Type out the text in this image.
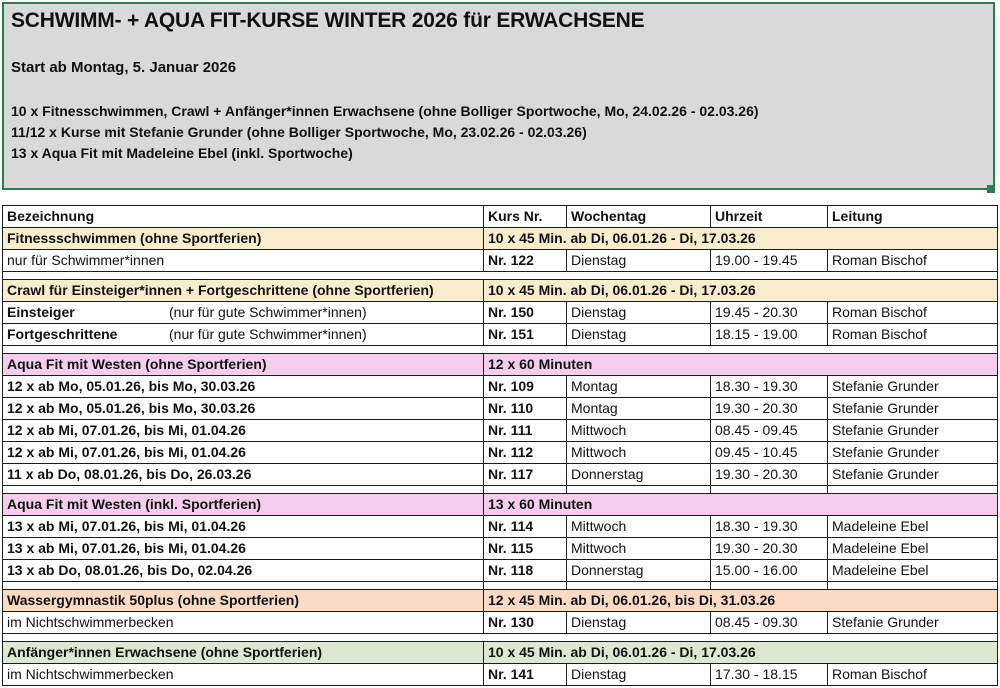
SCHWIMM- + AQUA FIT-KURSE WINTER 2026 für ERWACHSENE
Start ab Montag, 5. Januar 2026
10 x Fitnesschwimmen, Crawl + Anfänger*innen Erwachsene (ohne Bolliger Sportwoche, Mo, 24.02.26 - 02.03.26)
11/12 x Kurse mit Stefanie Grunder (ohne Bolliger Sportwoche, Mo, 23.02.26 - 02.03.26)
13 x Aqua Fit mit Madeleine Ebel (inkl. Sportwoche)
Bezeichnung	Kurs Nr.	Wochentag	Uhrzeit	Leitung
Fitnessschwimmen (ohne Sportferien)	10 x 45 Min. ab Di, 06.01.26 - Di, 17.03.26			
nur für Schwimmer*innen	Nr. 122	Dienstag	19.00 - 19.45	Roman Bischof

Crawl für Einsteiger*innen + Fortgeschrittene (ohne Sportferien)	10 x 45 Min. ab Di, 06.01.26 - Di, 17.03.26			
Einsteiger (nur für gute Schwimmer*innen)	Nr. 150	Dienstag	19.45 - 20.30	Roman Bischof
Fortgeschrittene (nur für gute Schwimmer*innen)	Nr. 151	Dienstag	18.15 - 19.00	Roman Bischof

Aqua Fit mit Westen (ohne Sportferien)	12 x 60 Minuten			
12 x ab Mo, 05.01.26, bis Mo, 30.03.26	Nr. 109	Montag	18.30 - 19.30	Stefanie Grunder
12 x ab Mo, 05.01.26, bis Mo, 30.03.26	Nr. 110	Montag	19.30 - 20.30	Stefanie Grunder
12 x ab Mi, 07.01.26, bis Mi, 01.04.26	Nr. 111	Mittwoch	08.45 - 09.45	Stefanie Grunder
12 x ab Mi, 07.01.26, bis Mi, 01.04.26	Nr. 112	Mittwoch	09.45 - 10.45	Stefanie Grunder
11 x ab Do, 08.01.26, bis Do, 26.03.26	Nr. 117	Donnerstag	19.30 - 20.30	Stefanie Grunder

Aqua Fit mit Westen (inkl. Sportferien)	13 x 60 Minuten			
13 x ab Mi, 07.01.26, bis Mi, 01.04.26	Nr. 114	Mittwoch	18.30 - 19.30	Madeleine Ebel
13 x ab Mi, 07.01.26, bis Mi, 01.04.26	Nr. 115	Mittwoch	19.30 - 20.30	Madeleine Ebel
13 x ab Do, 08.01.26, bis Do, 02.04.26	Nr. 118	Donnerstag	15.00 - 16.00	Madeleine Ebel

Wassergymnastik 50plus (ohne Sportferien)	12 x 45 Min. ab Di, 06.01.26, bis Di, 31.03.26			
im Nichtschwimmerbecken	Nr. 130	Dienstag	08.45 - 09.30	Stefanie Grunder

Anfänger*innen Erwachsene (ohne Sportferien)	10 x 45 Min. ab Di, 06.01.26 - Di, 17.03.26			
im Nichtschwimmerbecken	Nr. 141	Dienstag	17.30 - 18.15	Roman Bischof
